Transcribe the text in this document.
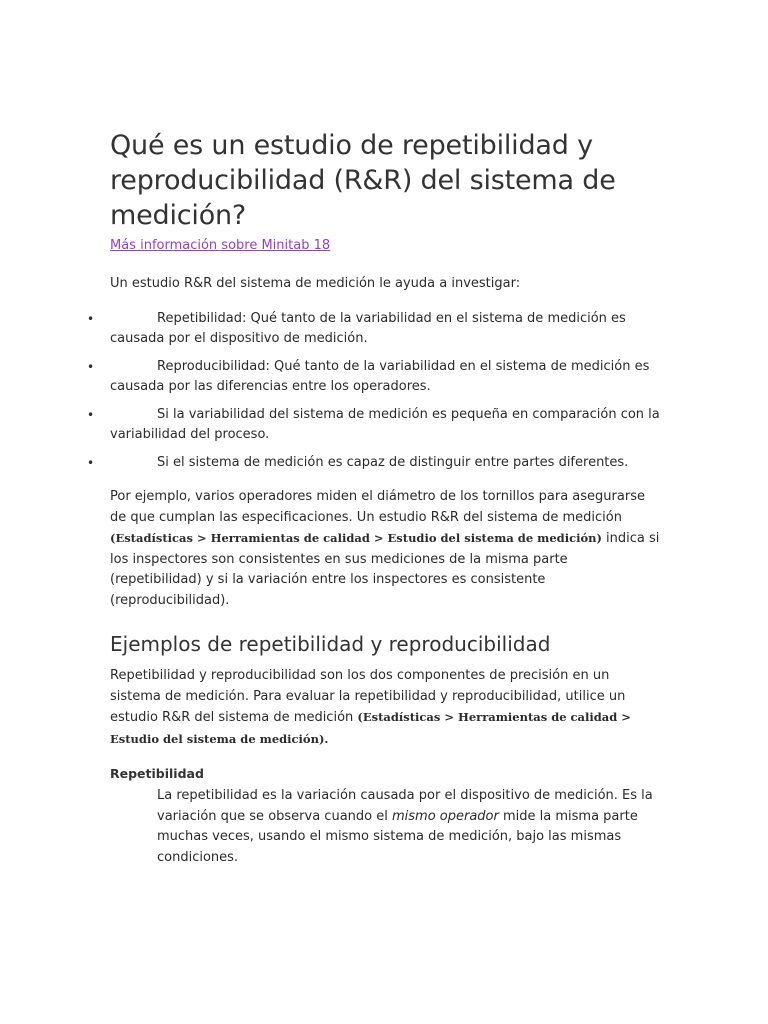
Qué es un estudio de repetibilidad y reproducibilidad (R&R) del sistema de medición?
Más información sobre Minitab 18

Un estudio R&R del sistema de medición le ayuda a investigar:

•	Repetibilidad: Qué tanto de la variabilidad en el sistema de medición es causada por el dispositivo de medición.
•	Reproducibilidad: Qué tanto de la variabilidad en el sistema de medición es causada por las diferencias entre los operadores.
•	Si la variabilidad del sistema de medición es pequeña en comparación con la variabilidad del proceso.
•	Si el sistema de medición es capaz de distinguir entre partes diferentes.

Por ejemplo, varios operadores miden el diámetro de los tornillos para asegurarse de que cumplan las especificaciones. Un estudio R&R del sistema de medición (Estadísticas > Herramientas de calidad > Estudio del sistema de medición) indica si los inspectores son consistentes en sus mediciones de la misma parte (repetibilidad) y si la variación entre los inspectores es consistente (reproducibilidad).

Ejemplos de repetibilidad y reproducibilidad

Repetibilidad y reproducibilidad son los dos componentes de precisión en un sistema de medición. Para evaluar la repetibilidad y reproducibilidad, utilice un estudio R&R del sistema de medición (Estadísticas > Herramientas de calidad > Estudio del sistema de medición).

Repetibilidad

La repetibilidad es la variación causada por el dispositivo de medición. Es la variación que se observa cuando el mismo operador mide la misma parte muchas veces, usando el mismo sistema de medición, bajo las mismas condiciones.
